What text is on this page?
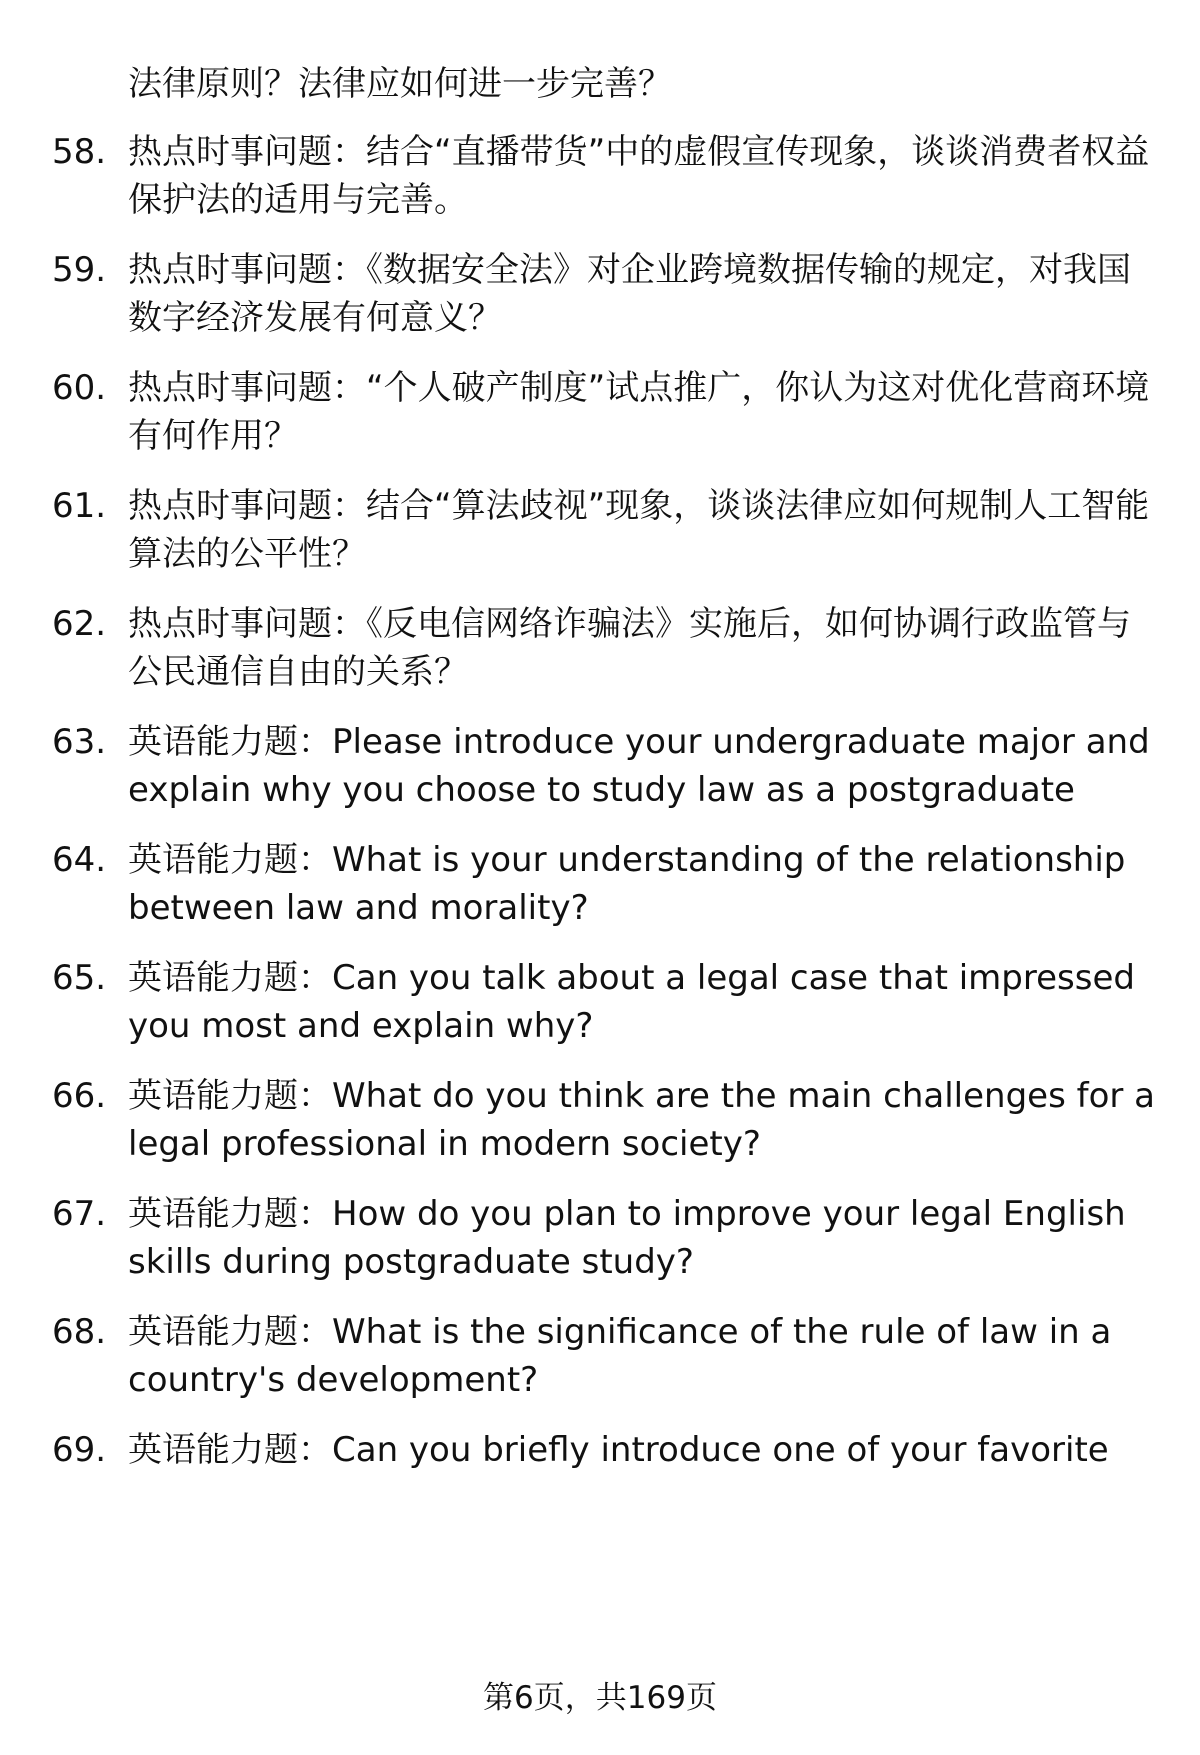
法律原则？法律应如何进一步完善？
58. 热点时事问题：结合“直播带货”中的虚假宣传现象，谈谈消费者权益保护法的适用与完善。
59. 热点时事问题：《数据安全法》对企业跨境数据传输的规定，对我国数字经济发展有何意义？
60. 热点时事问题：“个人破产制度”试点推广，你认为这对优化营商环境有何作用？
61. 热点时事问题：结合“算法歧视”现象，谈谈法律应如何规制人工智能算法的公平性？
62. 热点时事问题：《反电信网络诈骗法》实施后，如何协调行政监管与公民通信自由的关系？
63. 英语能力题：Please introduce your undergraduate major and explain why you choose to study law as a postgraduate
64. 英语能力题：What is your understanding of the relationship between law and morality?
65. 英语能力题：Can you talk about a legal case that impressed you most and explain why?
66. 英语能力题：What do you think are the main challenges for a legal professional in modern society?
67. 英语能力题：How do you plan to improve your legal English skills during postgraduate study?
68. 英语能力题：What is the significance of the rule of law in a country's development?
69. 英语能力题：Can you briefly introduce one of your favorite
第6页，共169页
